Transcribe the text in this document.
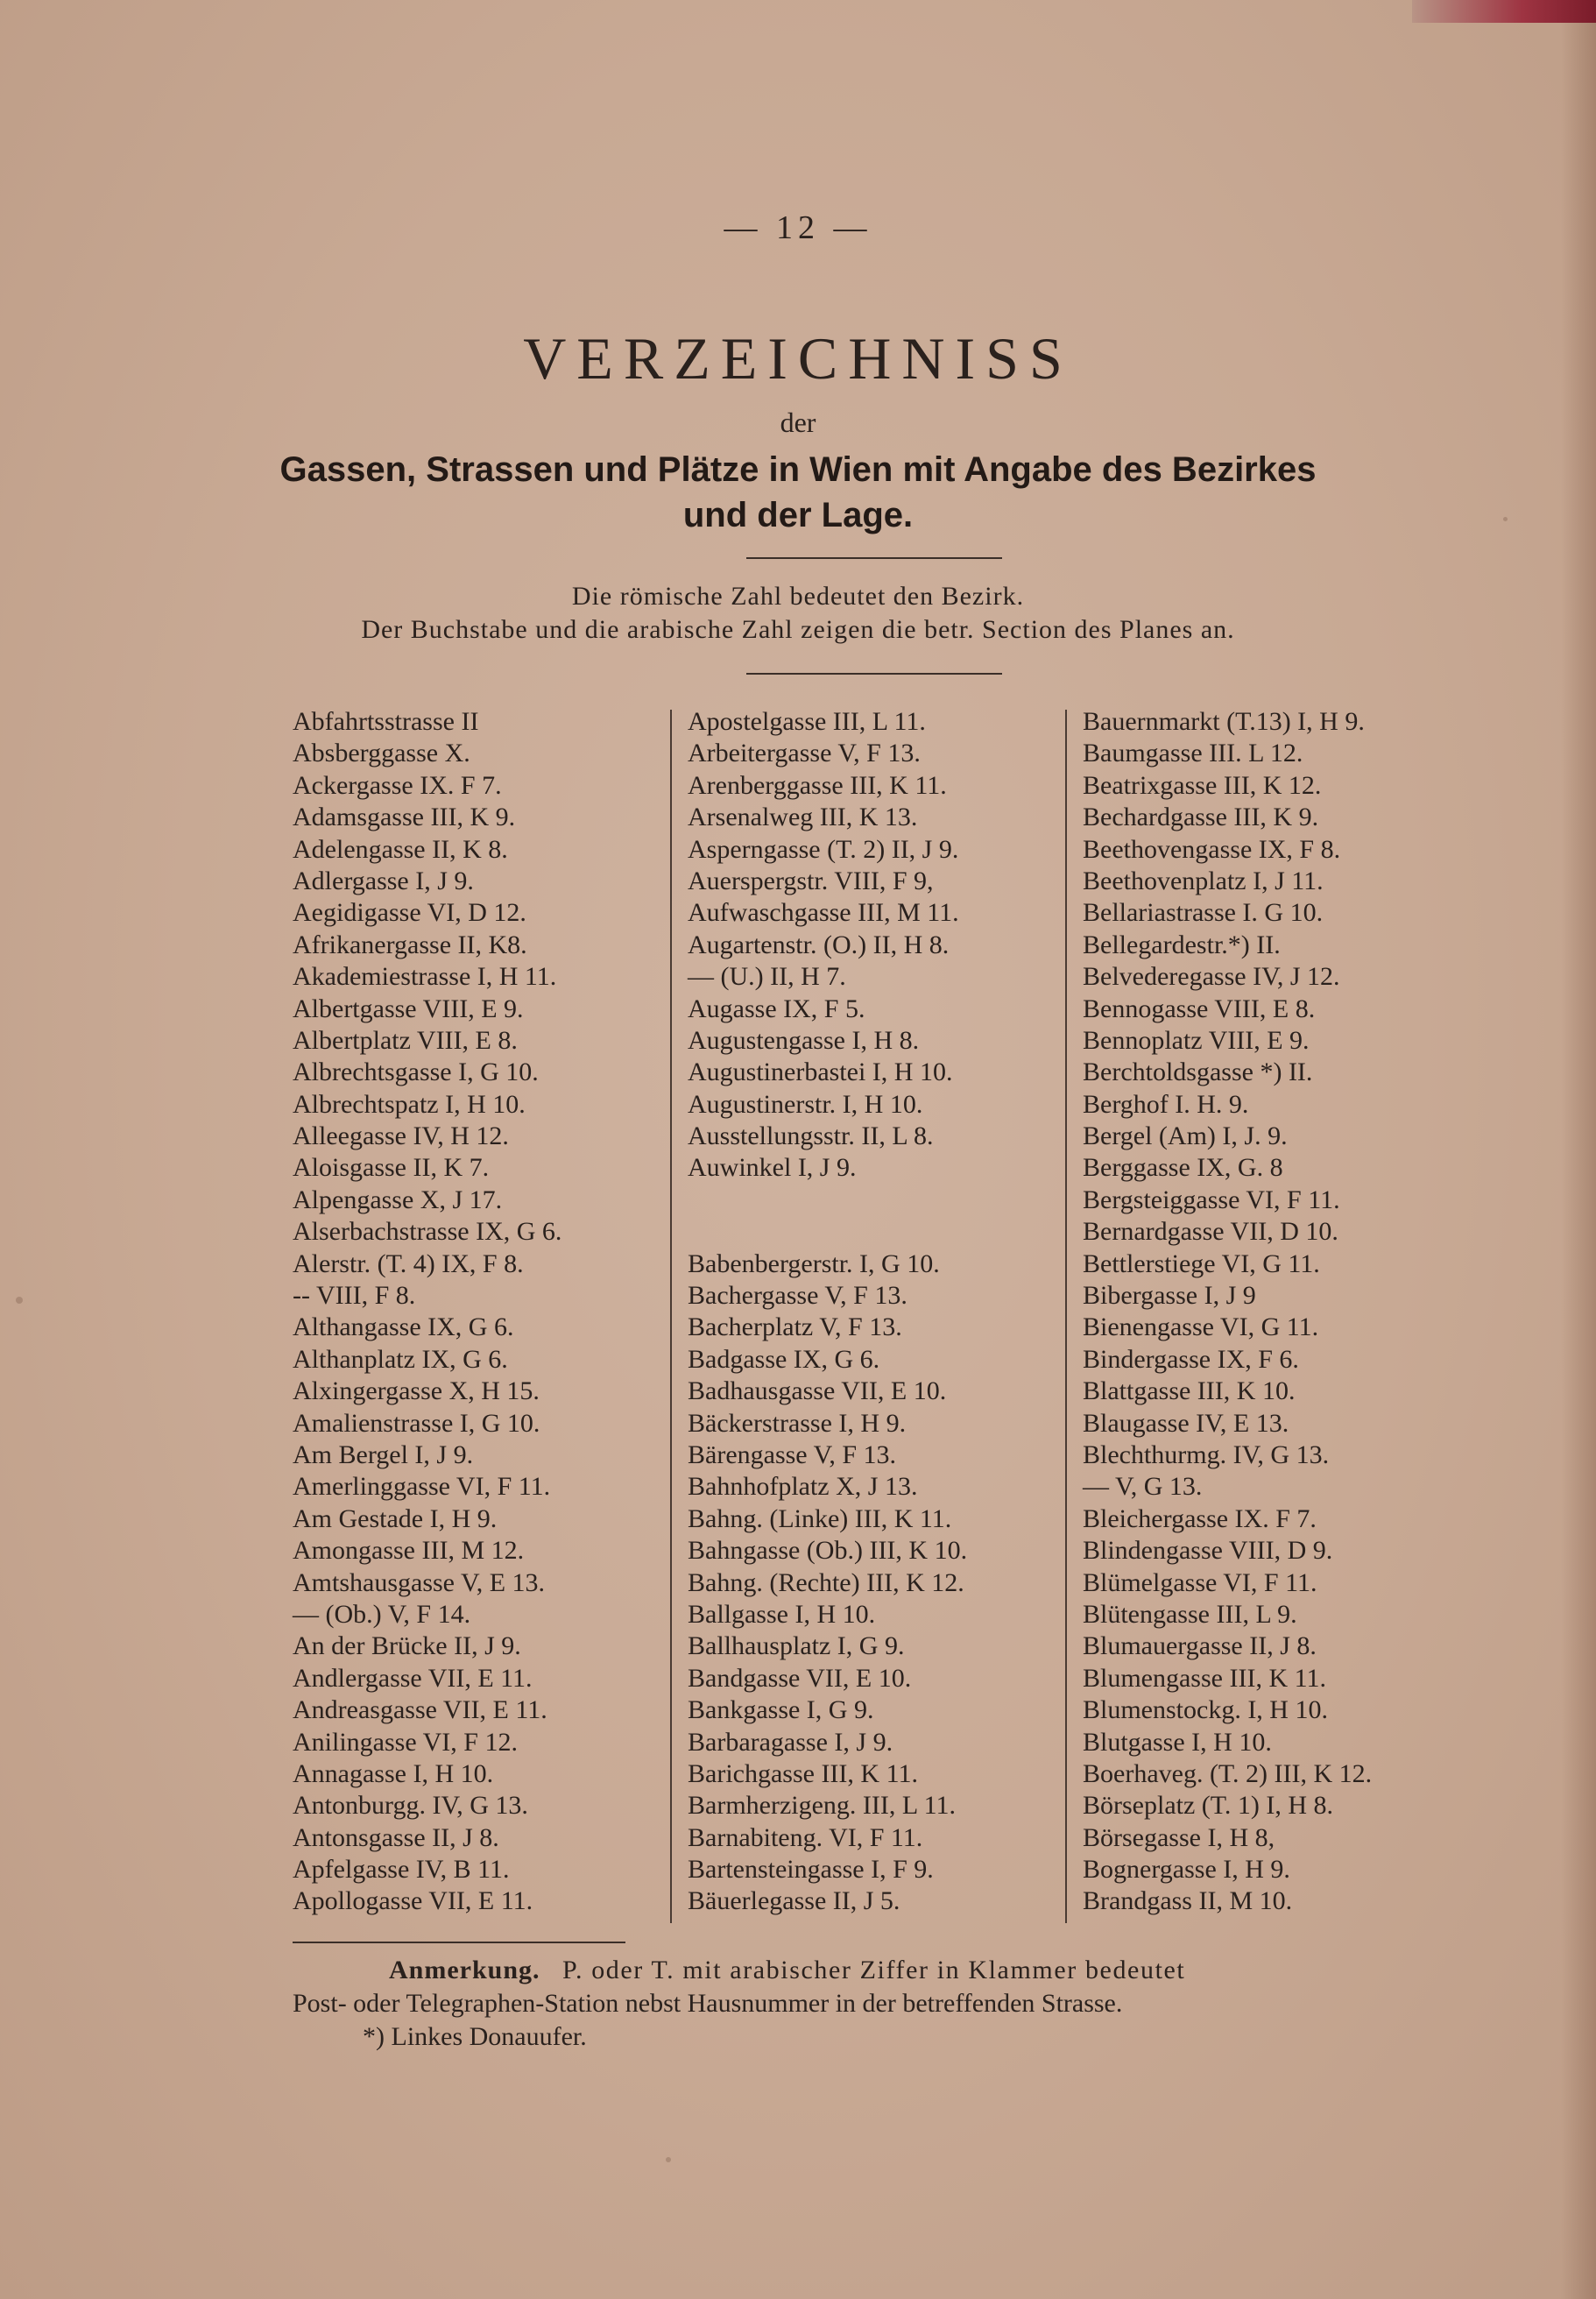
— 12 —
VERZEICHNISS
der
Gassen, Strassen und Plätze in Wien mit Angabe des Bezirkes
und der Lage.
Die römische Zahl bedeutet den Bezirk.
Der Buchstabe und die arabische Zahl zeigen die betr. Section des Planes an.
Abfahrtsstrasse II
Absberggasse X.
Ackergasse IX. F 7.
Adamsgasse III, K 9.
Adelengasse II, K 8.
Adlergasse I, J 9.
Aegidigasse VI, D 12.
Afrikanergasse II, K8.
Akademiestrasse I, H 11.
Albertgasse VIII, E 9.
Albertplatz VIII, E 8.
Albrechtsgasse I, G 10.
Albrechtspatz I, H 10.
Alleegasse IV, H 12.
Aloisgasse II, K 7.
Alpengasse X, J 17.
Alserbachstrasse IX, G 6.
Alerstr. (T. 4) IX, F 8.
-- VIII, F 8.
Althangasse IX, G 6.
Althanplatz IX, G 6.
Alxingergasse X, H 15.
Amalienstrasse I, G 10.
Am Bergel I, J 9.
Amerlinggasse VI, F 11.
Am Gestade I, H 9.
Amongasse III, M 12.
Amtshausgasse V, E 13.
— (Ob.) V, F 14.
An der Brücke II, J 9.
Andlergasse VII, E 11.
Andreasgasse VII, E 11.
Anilingasse VI, F 12.
Annagasse I, H 10.
Antonburgg. IV, G 13.
Antonsgasse II, J 8.
Apfelgasse IV, B 11.
Apollogasse VII, E 11.
Apostelgasse III, L 11.
Arbeitergasse V, F 13.
Arenberggasse III, K 11.
Arsenalweg III, K 13.
Asperngasse (T. 2) II, J 9.
Auerspergstr. VIII, F 9,
Aufwaschgasse III, M 11.
Augartenstr. (O.) II, H 8.
— (U.) II, H 7.
Augasse IX, F 5.
Augustengasse I, H 8.
Augustinerbastei I, H 10.
Augustinerstr. I, H 10.
Ausstellungsstr. II, L 8.
Auwinkel I, J 9.
Babenbergerstr. I, G 10.
Bachergasse V, F 13.
Bacherplatz V, F 13.
Badgasse IX, G 6.
Badhausgasse VII, E 10.
Bäckerstrasse I, H 9.
Bärengasse V, F 13.
Bahnhofplatz X, J 13.
Bahng. (Linke) III, K 11.
Bahngasse (Ob.) III, K 10.
Bahng. (Rechte) III, K 12.
Ballgasse I, H 10.
Ballhausplatz I, G 9.
Bandgasse VII, E 10.
Bankgasse I, G 9.
Barbaragasse I, J 9.
Barichgasse III, K 11.
Barmherzigeng. III, L 11.
Barnabiteng. VI, F 11.
Bartensteingasse I, F 9.
Bäuerlegasse II, J 5.
Bauernmarkt (T.13) I, H 9.
Baumgasse III. L 12.
Beatrixgasse III, K 12.
Bechardgasse III, K 9.
Beethovengasse IX, F 8.
Beethovenplatz I, J 11.
Bellariastrasse I. G 10.
Bellegardestr.*) II.
Belvederegasse IV, J 12.
Bennogasse VIII, E 8.
Bennoplatz VIII, E 9.
Berchtoldsgasse *) II.
Berghof I. H. 9.
Bergel (Am) I, J. 9.
Berggasse IX, G. 8
Bergsteiggasse VI, F 11.
Bernardgasse VII, D 10.
Bettlerstiege VI, G 11.
Bibergasse I, J 9
Bienengasse VI, G 11.
Bindergasse IX, F 6.
Blattgasse III, K 10.
Blaugasse IV, E 13.
Blechthurmg. IV, G 13.
— V, G 13.
Bleichergasse IX. F 7.
Blindengasse VIII, D 9.
Blümelgasse VI, F 11.
Blütengasse III, L 9.
Blumauergasse II, J 8.
Blumengasse III, K 11.
Blumenstockg. I, H 10.
Blutgasse I, H 10.
Boerhaveg. (T. 2) III, K 12.
Börseplatz (T. 1) I, H 8.
Börsegasse I, H 8,
Bognergasse I, H 9.
Brandgass II, M 10.
Anmerkung. P. oder T. mit arabischer Ziffer in Klammer bedeutet
Post- oder Telegraphen-Station nebst Hausnummer in der betreffenden Strasse.
*) Linkes Donauufer.
